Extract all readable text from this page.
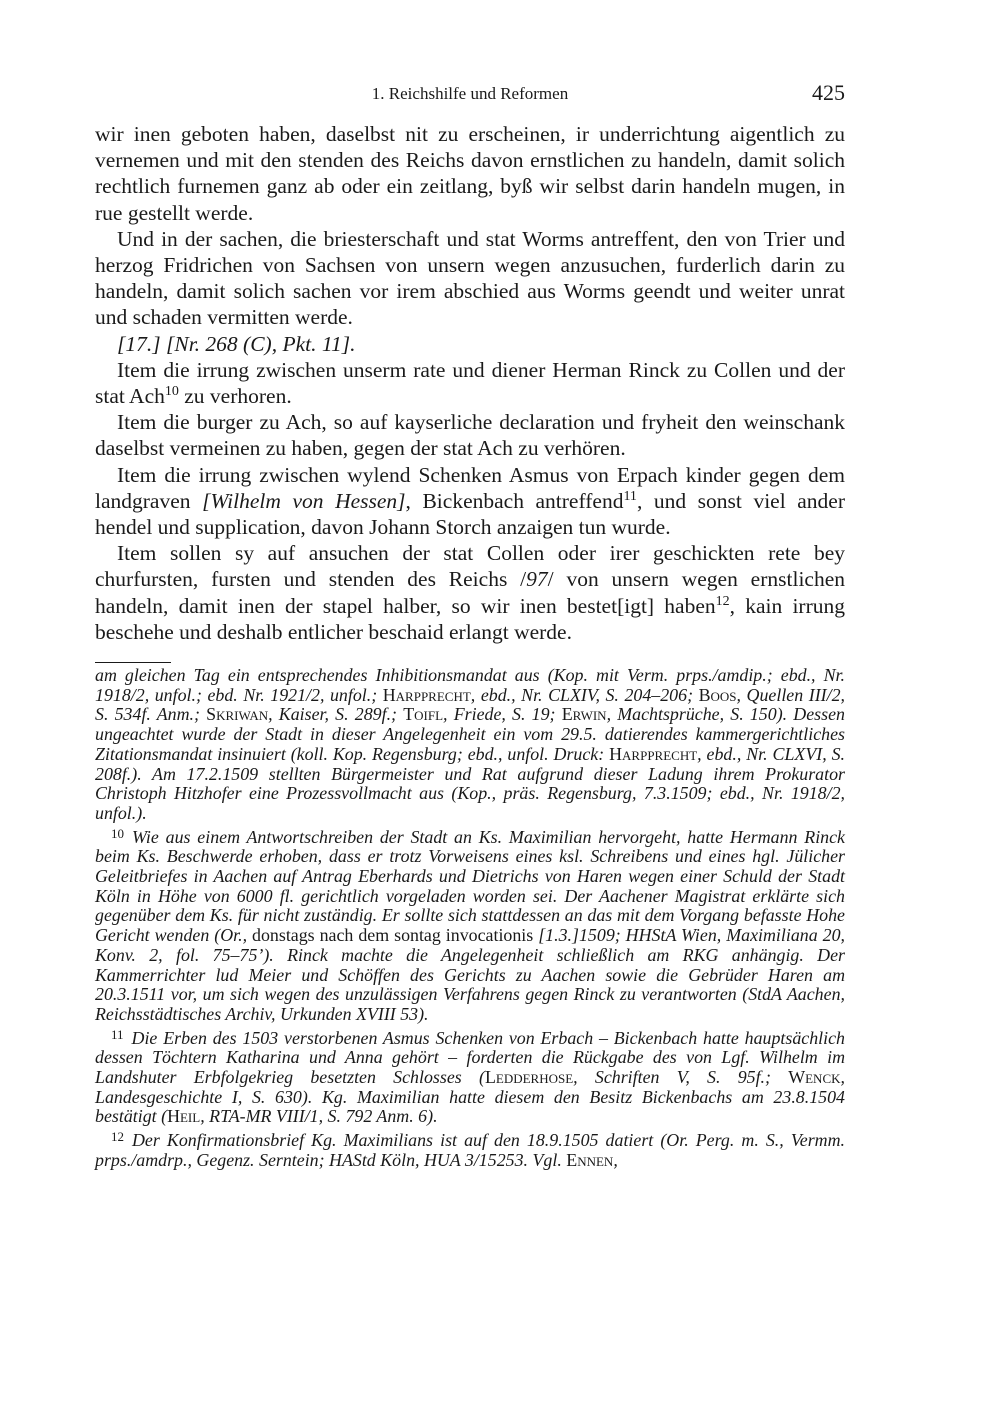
1. Reichshilfe und Reformen	425

wir inen geboten haben, daselbst nit zu erscheinen, ir underrichtung aigentlich zu vernemen und mit den stenden des Reichs davon ernstlichen zu handeln, damit solich rechtlich furnemen ganz ab oder ein zeitlang, byß wir selbst darin handeln mugen, in rue gestellt werde.

Und in der sachen, die briesterschaft und stat Worms antreffent, den von Trier und herzog Fridrichen von Sachsen von unsern wegen anzusuchen, furderlich darin zu handeln, damit solich sachen vor irem abschied aus Worms geendt und weiter unrat und schaden vermitten werde.

[17.] [Nr. 268 (C), Pkt. 11].

Item die irrung zwischen unserm rate und diener Herman Rinck zu Collen und der stat Ach$^{10}$ zu verhoren.

Item die burger zu Ach, so auf kayserliche declaration und fryheit den weinschank daselbst vermeinen zu haben, gegen der stat Ach zu verhören.

Item die irrung zwischen wylend Schenken Asmus von Erpach kinder gegen dem landgraven [Wilhelm von Hessen], Bickenbach antreffend$^{11}$, und sonst viel ander hendel und supplication, davon Johann Storch anzaigen tun wurde.

Item sollen sy auf ansuchen der stat Collen oder irer geschickten rete bey churfursten, fursten und stenden des Reichs /97/ von unsern wegen ernstlichen handeln, damit inen der stapel halber, so wir inen bestet[igt] haben$^{12}$, kain irrung beschehe und deshalb entlicher beschaid erlangt werde.

am gleichen Tag ein entsprechendes Inhibitionsmandat aus (Kop. mit Verm. prps./amdip.; ebd., Nr. 1918/2, unfol.; ebd. Nr. 1921/2, unfol.; Harpprecht, ebd., Nr. CLXIV, S. 204–206; Boos, Quellen III/2, S. 534f. Anm.; Skriwan, Kaiser, S. 289f.; Toifl, Friede, S. 19; Erwin, Machtsprüche, S. 150). Dessen ungeachtet wurde der Stadt in dieser Angelegenheit ein vom 29.5. datierendes kammergerichtliches Zitationsmandat insinuiert (koll. Kop. Regensburg; ebd., unfol. Druck: Harpprecht, ebd., Nr. CLXVI, S. 208f.). Am 17.2.1509 stellten Bürgermeister und Rat aufgrund dieser Ladung ihrem Prokurator Christoph Hitzhofer eine Prozessvollmacht aus (Kop., präs. Regensburg, 7.3.1509; ebd., Nr. 1918/2, unfol.).

$^{10}$ Wie aus einem Antwortschreiben der Stadt an Ks. Maximilian hervorgeht, hatte Hermann Rinck beim Ks. Beschwerde erhoben, dass er trotz Vorweisens eines ksl. Schreibens und eines hgl. Jülicher Geleitbriefes in Aachen auf Antrag Eberhards und Dietrichs von Haren wegen einer Schuld der Stadt Köln in Höhe von 6000 fl. gerichtlich vorgeladen worden sei. Der Aachener Magistrat erklärte sich gegenüber dem Ks. für nicht zuständig. Er sollte sich stattdessen an das mit dem Vorgang befasste Hohe Gericht wenden (Or., donstags nach dem sontag invocationis [1.3.]1509; HHStA Wien, Maximiliana 20, Konv. 2, fol. 75–75’). Rinck machte die Angelegenheit schließlich am RKG anhängig. Der Kammerrichter lud Meier und Schöffen des Gerichts zu Aachen sowie die Gebrüder Haren am 20.3.1511 vor, um sich wegen des unzulässigen Verfahrens gegen Rinck zu verantworten (StdA Aachen, Reichsstädtisches Archiv, Urkunden XVIII 53).

$^{11}$ Die Erben des 1503 verstorbenen Asmus Schenken von Erbach – Bickenbach hatte hauptsächlich dessen Töchtern Katharina und Anna gehört – forderten die Rückgabe des von Lgf. Wilhelm im Landshuter Erbfolgekrieg besetzten Schlosses (Ledderhose, Schriften V, S. 95f.; Wenck, Landesgeschichte I, S. 630). Kg. Maximilian hatte diesem den Besitz Bickenbachs am 23.8.1504 bestätigt (Heil, RTA-MR VIII/1, S. 792 Anm. 6).

$^{12}$ Der Konfirmationsbrief Kg. Maximilians ist auf den 18.9.1505 datiert (Or. Perg. m. S., Vermm. prps./amdrp., Gegenz. Serntein; HAStd Köln, HUA 3/15253. Vgl. Ennen,
